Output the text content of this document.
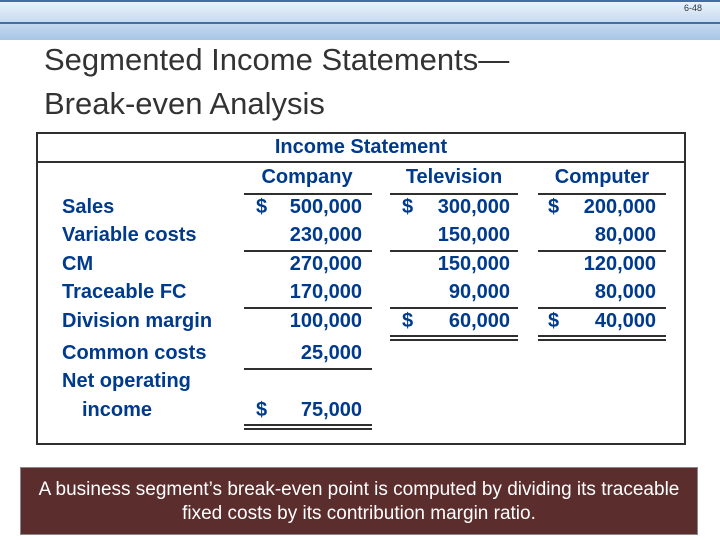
6-48
Segmented Income Statements—
Break-even Analysis
Income Statement
Company	Television	Computer
Sales	$	500,000 $	300,000 $	200,000
Variable costs	230,000	150,000	80,000
CM	270,000	150,000	120,000
Traceable FC	170,000	90,000	80,000
Division margin	100,000 $	60,000 $	40,000
Common costs	25,000
Net operating
income	$	75,000
A business segment’s break-even point is computed by dividing its traceable fixed costs by its contribution margin ratio.
